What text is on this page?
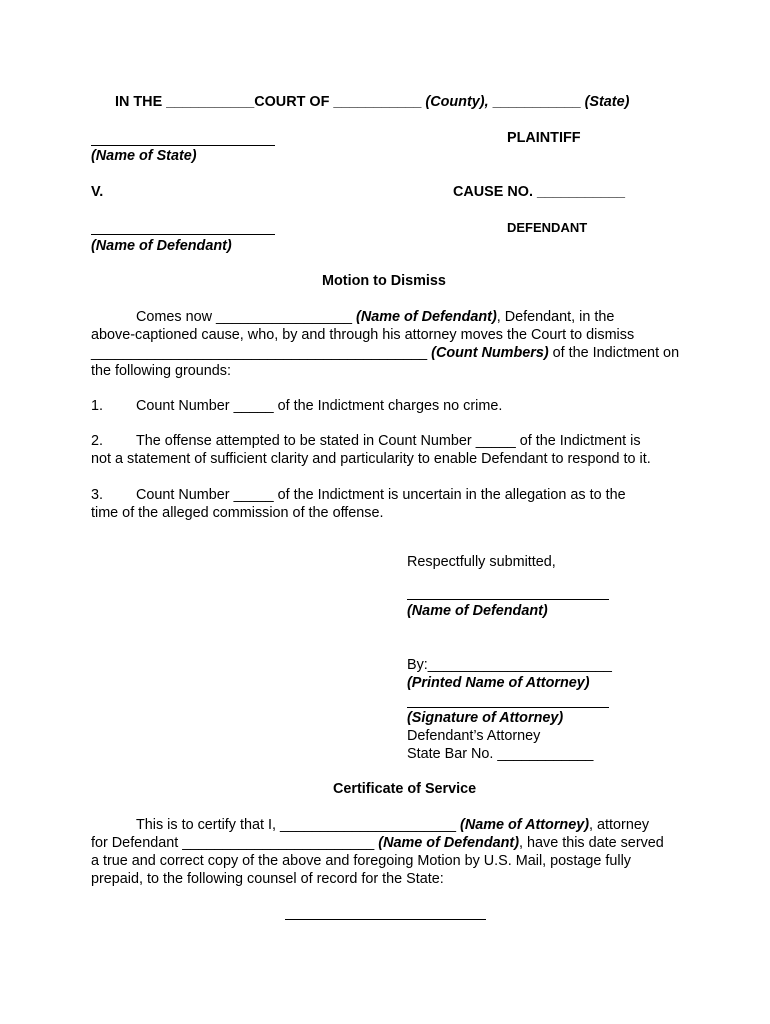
IN THE ___________COURT OF ___________ (County), ___________ (State)
PLAINTIFF
(Name of State)
V.	CAUSE NO. ___________
DEFENDANT
(Name of Defendant)
Motion to Dismiss
Comes now _________________ (Name of Defendant), Defendant, in the
above-captioned cause, who, by and through his attorney moves the Court to dismiss
__________________________________________ (Count Numbers) of the Indictment on
the following grounds:
1. Count Number _____ of the Indictment charges no crime.
2. The offense attempted to be stated in Count Number _____ of the Indictment is
not a statement of sufficient clarity and particularity to enable Defendant to respond to it.
3. Count Number _____ of the Indictment is uncertain in the allegation as to the
time of the alleged commission of the offense.
Respectfully submitted,
(Name of Defendant)
By:_______________________
(Printed Name of Attorney)
(Signature of Attorney)
Defendant’s Attorney
State Bar No. ____________
Certificate of Service
This is to certify that I, ______________________ (Name of Attorney), attorney
for Defendant ________________________ (Name of Defendant), have this date served
a true and correct copy of the above and foregoing Motion by U.S. Mail, postage fully
prepaid, to the following counsel of record for the State:
